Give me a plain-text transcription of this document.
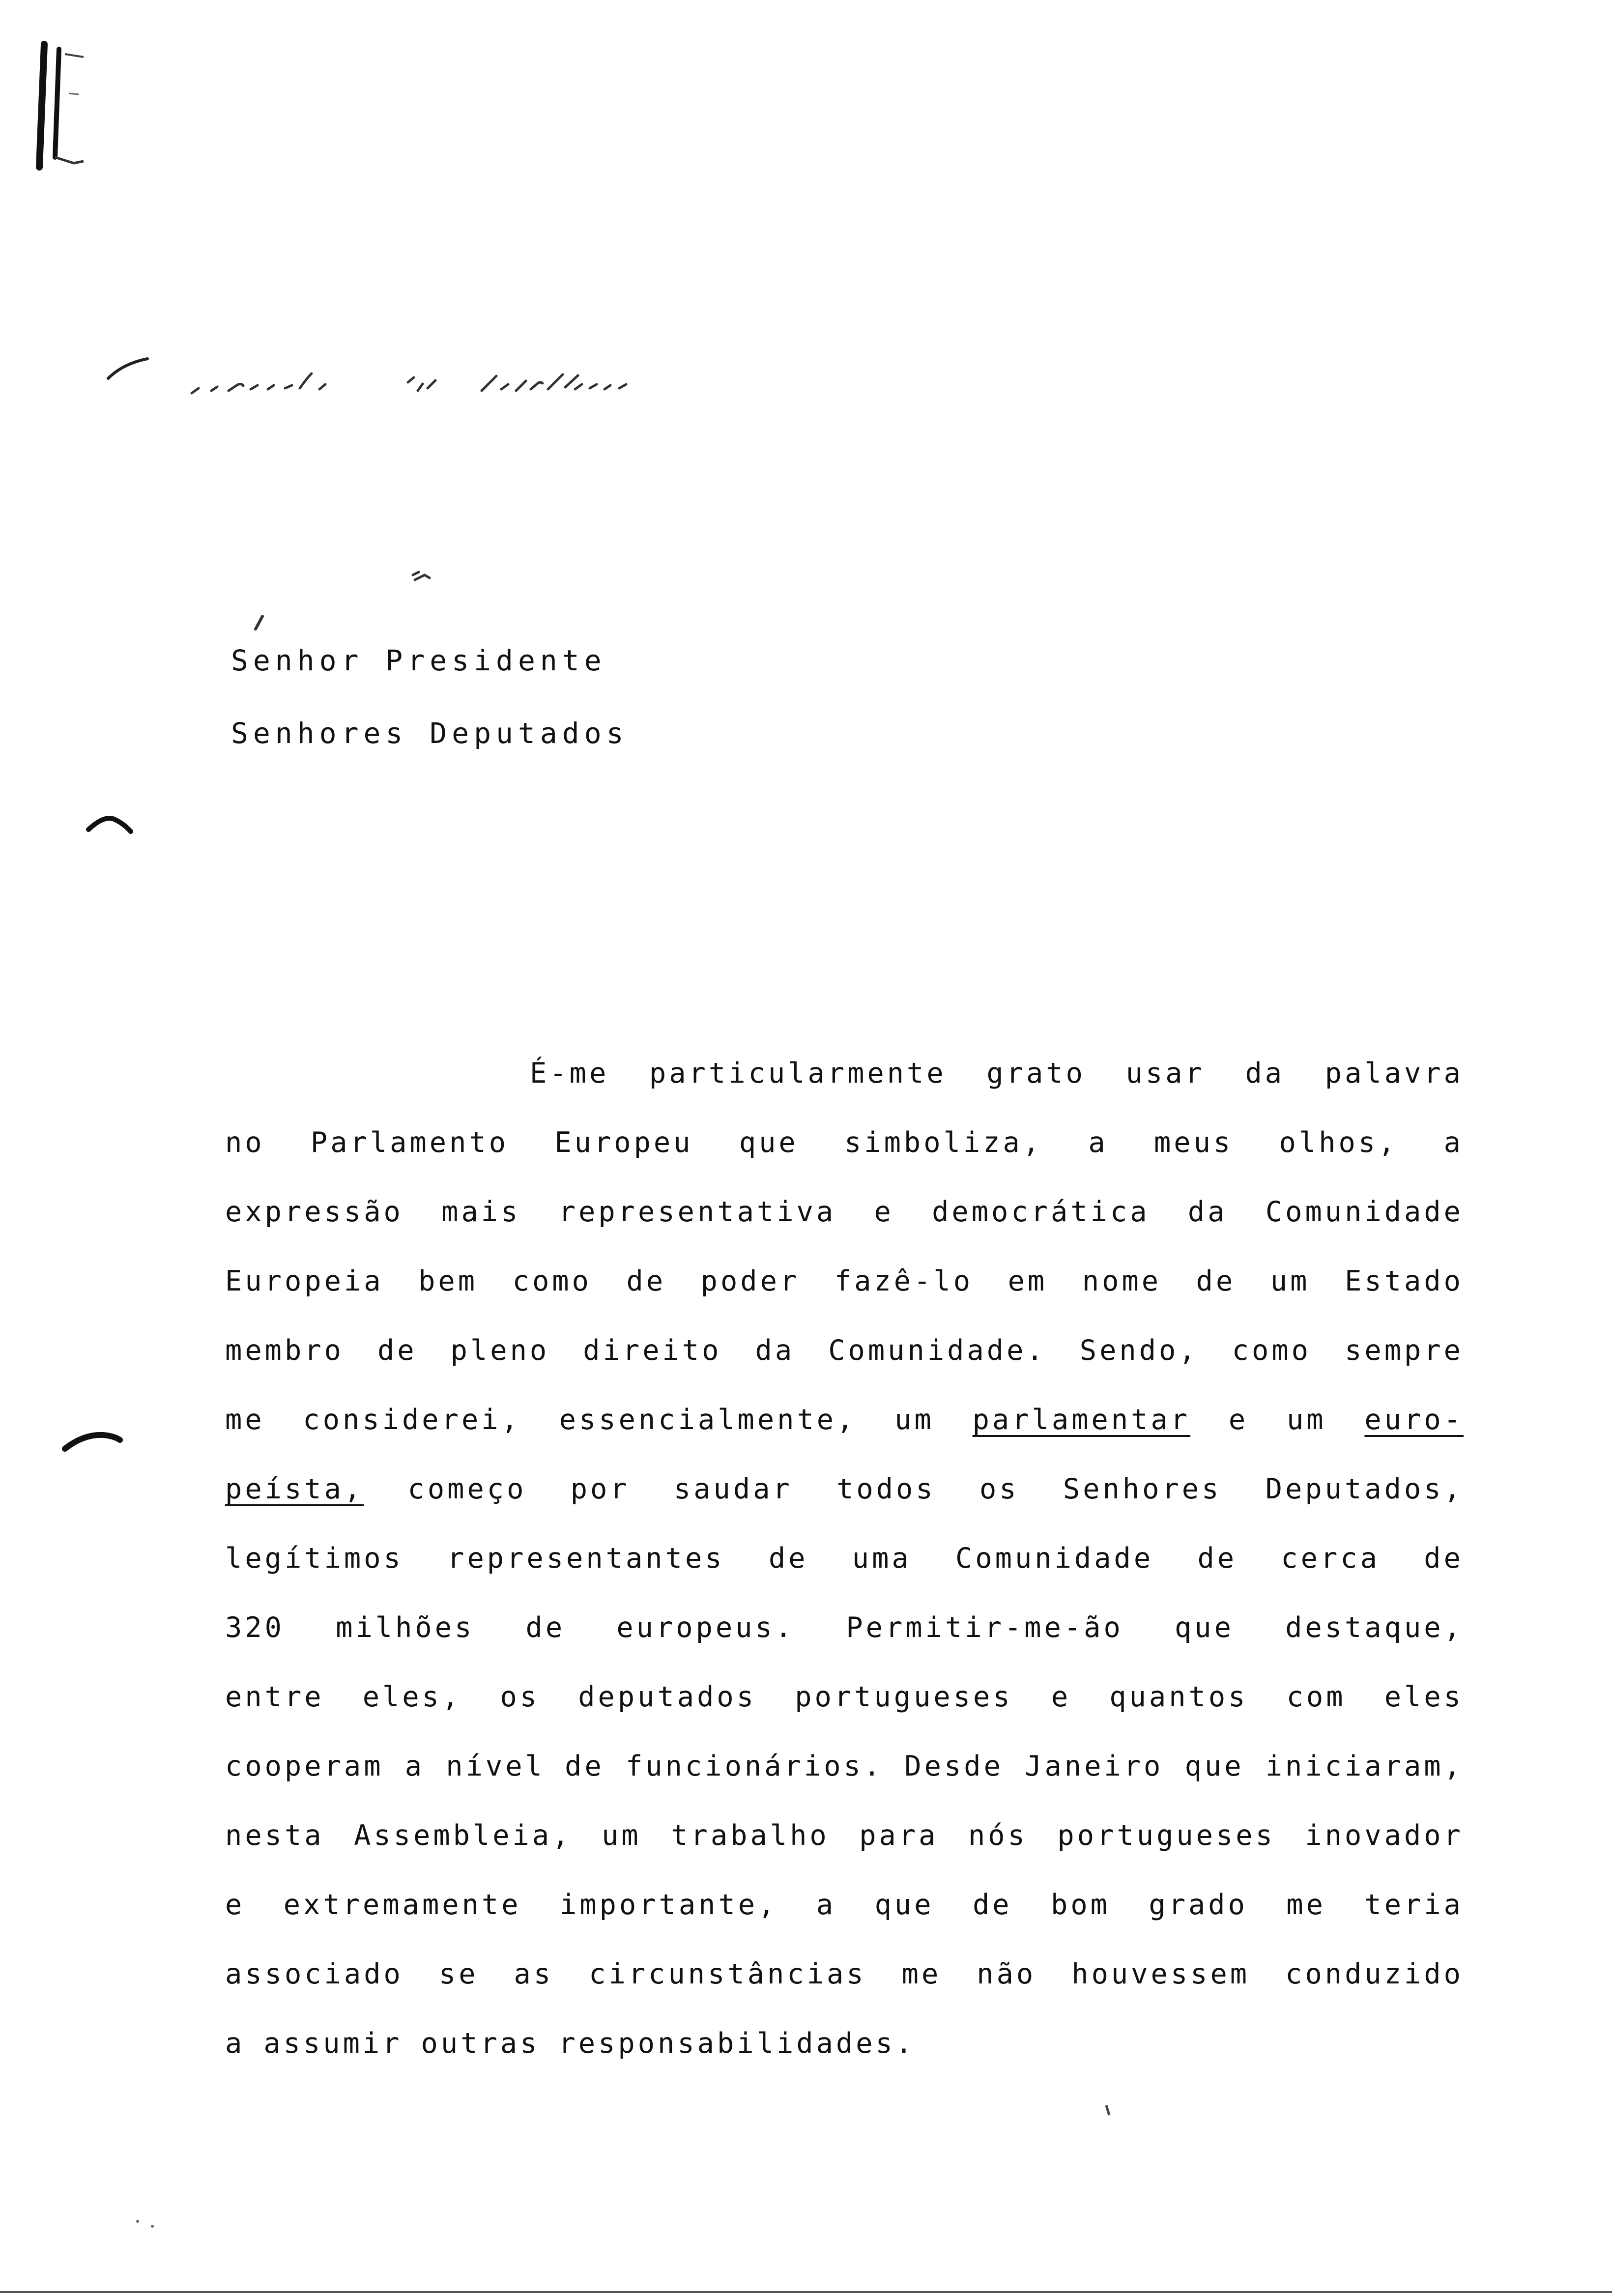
Senhor Presidente
Senhores Deputados
É-me particularmente grato usar da palavra
no Parlamento Europeu que simboliza, a meus olhos, a
expressão mais representativa e democrática da Comunidade
Europeia bem como de poder fazê-lo em nome de um Estado
membro de pleno direito da Comunidade. Sendo, como sempre
me considerei, essencialmente, um parlamentar e um euro-
peísta, começo por saudar todos os Senhores Deputados,
legítimos representantes de uma Comunidade de cerca de
320 milhões de europeus. Permitir-me-ão que destaque,
entre eles, os deputados portugueses e quantos com eles
cooperam a nível de funcionários. Desde Janeiro que iniciaram,
nesta Assembleia, um trabalho para nós portugueses inovador
e extremamente importante, a que de bom grado me teria
associado se as circunstâncias me não houvessem conduzido
a assumir outras responsabilidades.
